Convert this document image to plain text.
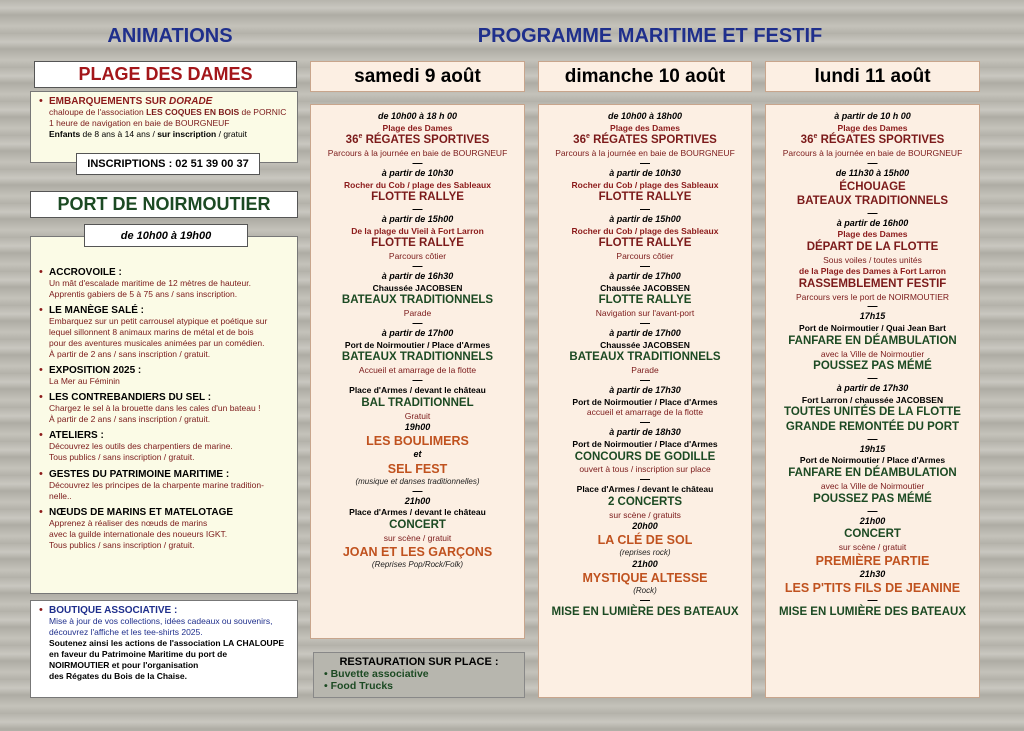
ANIMATIONS	PROGRAMME MARITIME ET FESTIF
PLAGE DES DAMES
• EMBARQUEMENTS SUR DORADE
chaloupe de l'association LES COQUES EN BOIS de PORNIC
1 heure de navigation en baie de BOURGNEUF
Enfants de 8 ans à 14 ans / sur inscription / gratuit
INSCRIPTIONS : 02 51 39 00 37
PORT DE NOIRMOUTIER
• ACCROVOILE :
Un mât d'escalade maritime de 12 mètres de hauteur.
Apprentis gabiers de 5 à 75 ans / sans inscription.
• LE MANÈGE SALÉ :
Embarquez sur un petit carrousel atypique et poétique sur
lequel sillonnent 8 animaux marins de métal et de bois
pour des aventures musicales animées par un comédien.
À partir de 2 ans / sans inscription / gratuit.
• EXPOSITION 2025 :
La Mer au Féminin
• LES CONTREBANDIERS DU SEL :
Chargez le sel à la brouette dans les cales d'un bateau !
À partir de 2 ans / sans inscription / gratuit.
• ATELIERS :
Découvrez les outils des charpentiers de marine.
Tous publics / sans inscription / gratuit.
• GESTES DU PATRIMOINE MARITIME :
Découvrez les principes de la charpente marine tradition-
nelle..
• NŒUDS DE MARINS ET MATELOTAGE
Apprenez à réaliser des nœuds de marins
avec la guilde internationale des noueurs IGKT.
Tous publics / sans inscription / gratuit.
de 10h00 à 19h00
• BOUTIQUE ASSOCIATIVE :
Mise à jour de vos collections, idées cadeaux ou souvenirs,
découvrez l'affiche et les tee-shirts 2025.
Soutenez ainsi les actions de l'association LA CHALOUPE
en faveur du Patrimoine Maritime du port de
NOIRMOUTIER et pour l'organisation
des Régates du Bois de la Chaise.
RESTAURATION SUR PLACE :
• Buvette associative
• Food Trucks
samedi 9 août	dimanche 10 août	lundi 11 août
de 10h00 à 18 h 00
Plage des Dames
36e RÉGATES SPORTIVES
Parcours à la journée en baie de BOURGNEUF
—
à partir de 10h30
Rocher du Cob / plage des Sableaux
FLOTTE RALLYE
—
à partir de 15h00
De la plage du Vieil à Fort Larron
FLOTTE RALLYE
Parcours côtier
—
à partir de 16h30
Chaussée JACOBSEN
BATEAUX TRADITIONNELS
Parade
—
à partir de 17h00
Port de Noirmoutier / Place d'Armes
BATEAUX TRADITIONNELS
Accueil et amarrage de la flotte
—
Place d'Armes / devant le château
BAL TRADITIONNEL
Gratuit
19h00
LES BOULIMERS
et
SEL FEST
(musique et danses traditionnelles)
—
21h00
Place d'Armes / devant le château
CONCERT
sur scène / gratuit
JOAN ET LES GARÇONS
(Reprises Pop/Rock/Folk)
de 10h00 à 18h00
Plage des Dames
36e RÉGATES SPORTIVES
Parcours à la journée en baie de BOURGNEUF
—
à partir de 10h30
Rocher du Cob / plage des Sableaux
FLOTTE RALLYE
—
à partir de 15h00
Rocher du Cob / plage des Sableaux
FLOTTE RALLYE
Parcours côtier
—
à partir de 17h00
Chaussée JACOBSEN
FLOTTE RALLYE
Navigation sur l'avant-port
—
à partir de 17h00
Chaussée JACOBSEN
BATEAUX TRADITIONNELS
Parade
—
à partir de 17h30
Port de Noirmoutier / Place d'Armes
accueil et amarrage de la flotte
—
à partir de 18h30
Port de Noirmoutier / Place d'Armes
CONCOURS DE GODILLE
ouvert à tous / inscription sur place
—
Place d'Armes / devant le château
2 CONCERTS
sur scène / gratuits
20h00
LA CLÉ DE SOL
(reprises rock)
21h00
MYSTIQUE ALTESSE
(Rock)
—
MISE EN LUMIÈRE DES BATEAUX
à partir de 10 h 00
Plage des Dames
36e RÉGATES SPORTIVES
Parcours à la journée en baie de BOURGNEUF
—
de 11h30 à 15h00
ÉCHOUAGE
BATEAUX TRADITIONNELS
—
à partir de 16h00
Plage des Dames
DÉPART DE LA FLOTTE
Sous voiles / toutes unités
de la Plage des Dames à Fort Larron
RASSEMBLEMENT FESTIF
Parcours vers le port de NOIRMOUTIER
—
17h15
Port de Noirmoutier / Quai Jean Bart
FANFARE EN DÉAMBULATION
avec la Ville de Noirmoutier
POUSSEZ PAS MÉMÉ
—
à partir de 17h30
Fort Larron / chaussée JACOBSEN
TOUTES UNITÉS DE LA FLOTTE
GRANDE REMONTÉE DU PORT
—
19h15
Port de Noirmoutier / Place d'Armes
FANFARE EN DÉAMBULATION
avec la Ville de Noirmoutier
POUSSEZ PAS MÉMÉ
—
21h00
CONCERT
sur scène / gratuit
PREMIÈRE PARTIE
21h30
LES P'TITS FILS DE JEANINE
—
MISE EN LUMIÈRE DES BATEAUX
